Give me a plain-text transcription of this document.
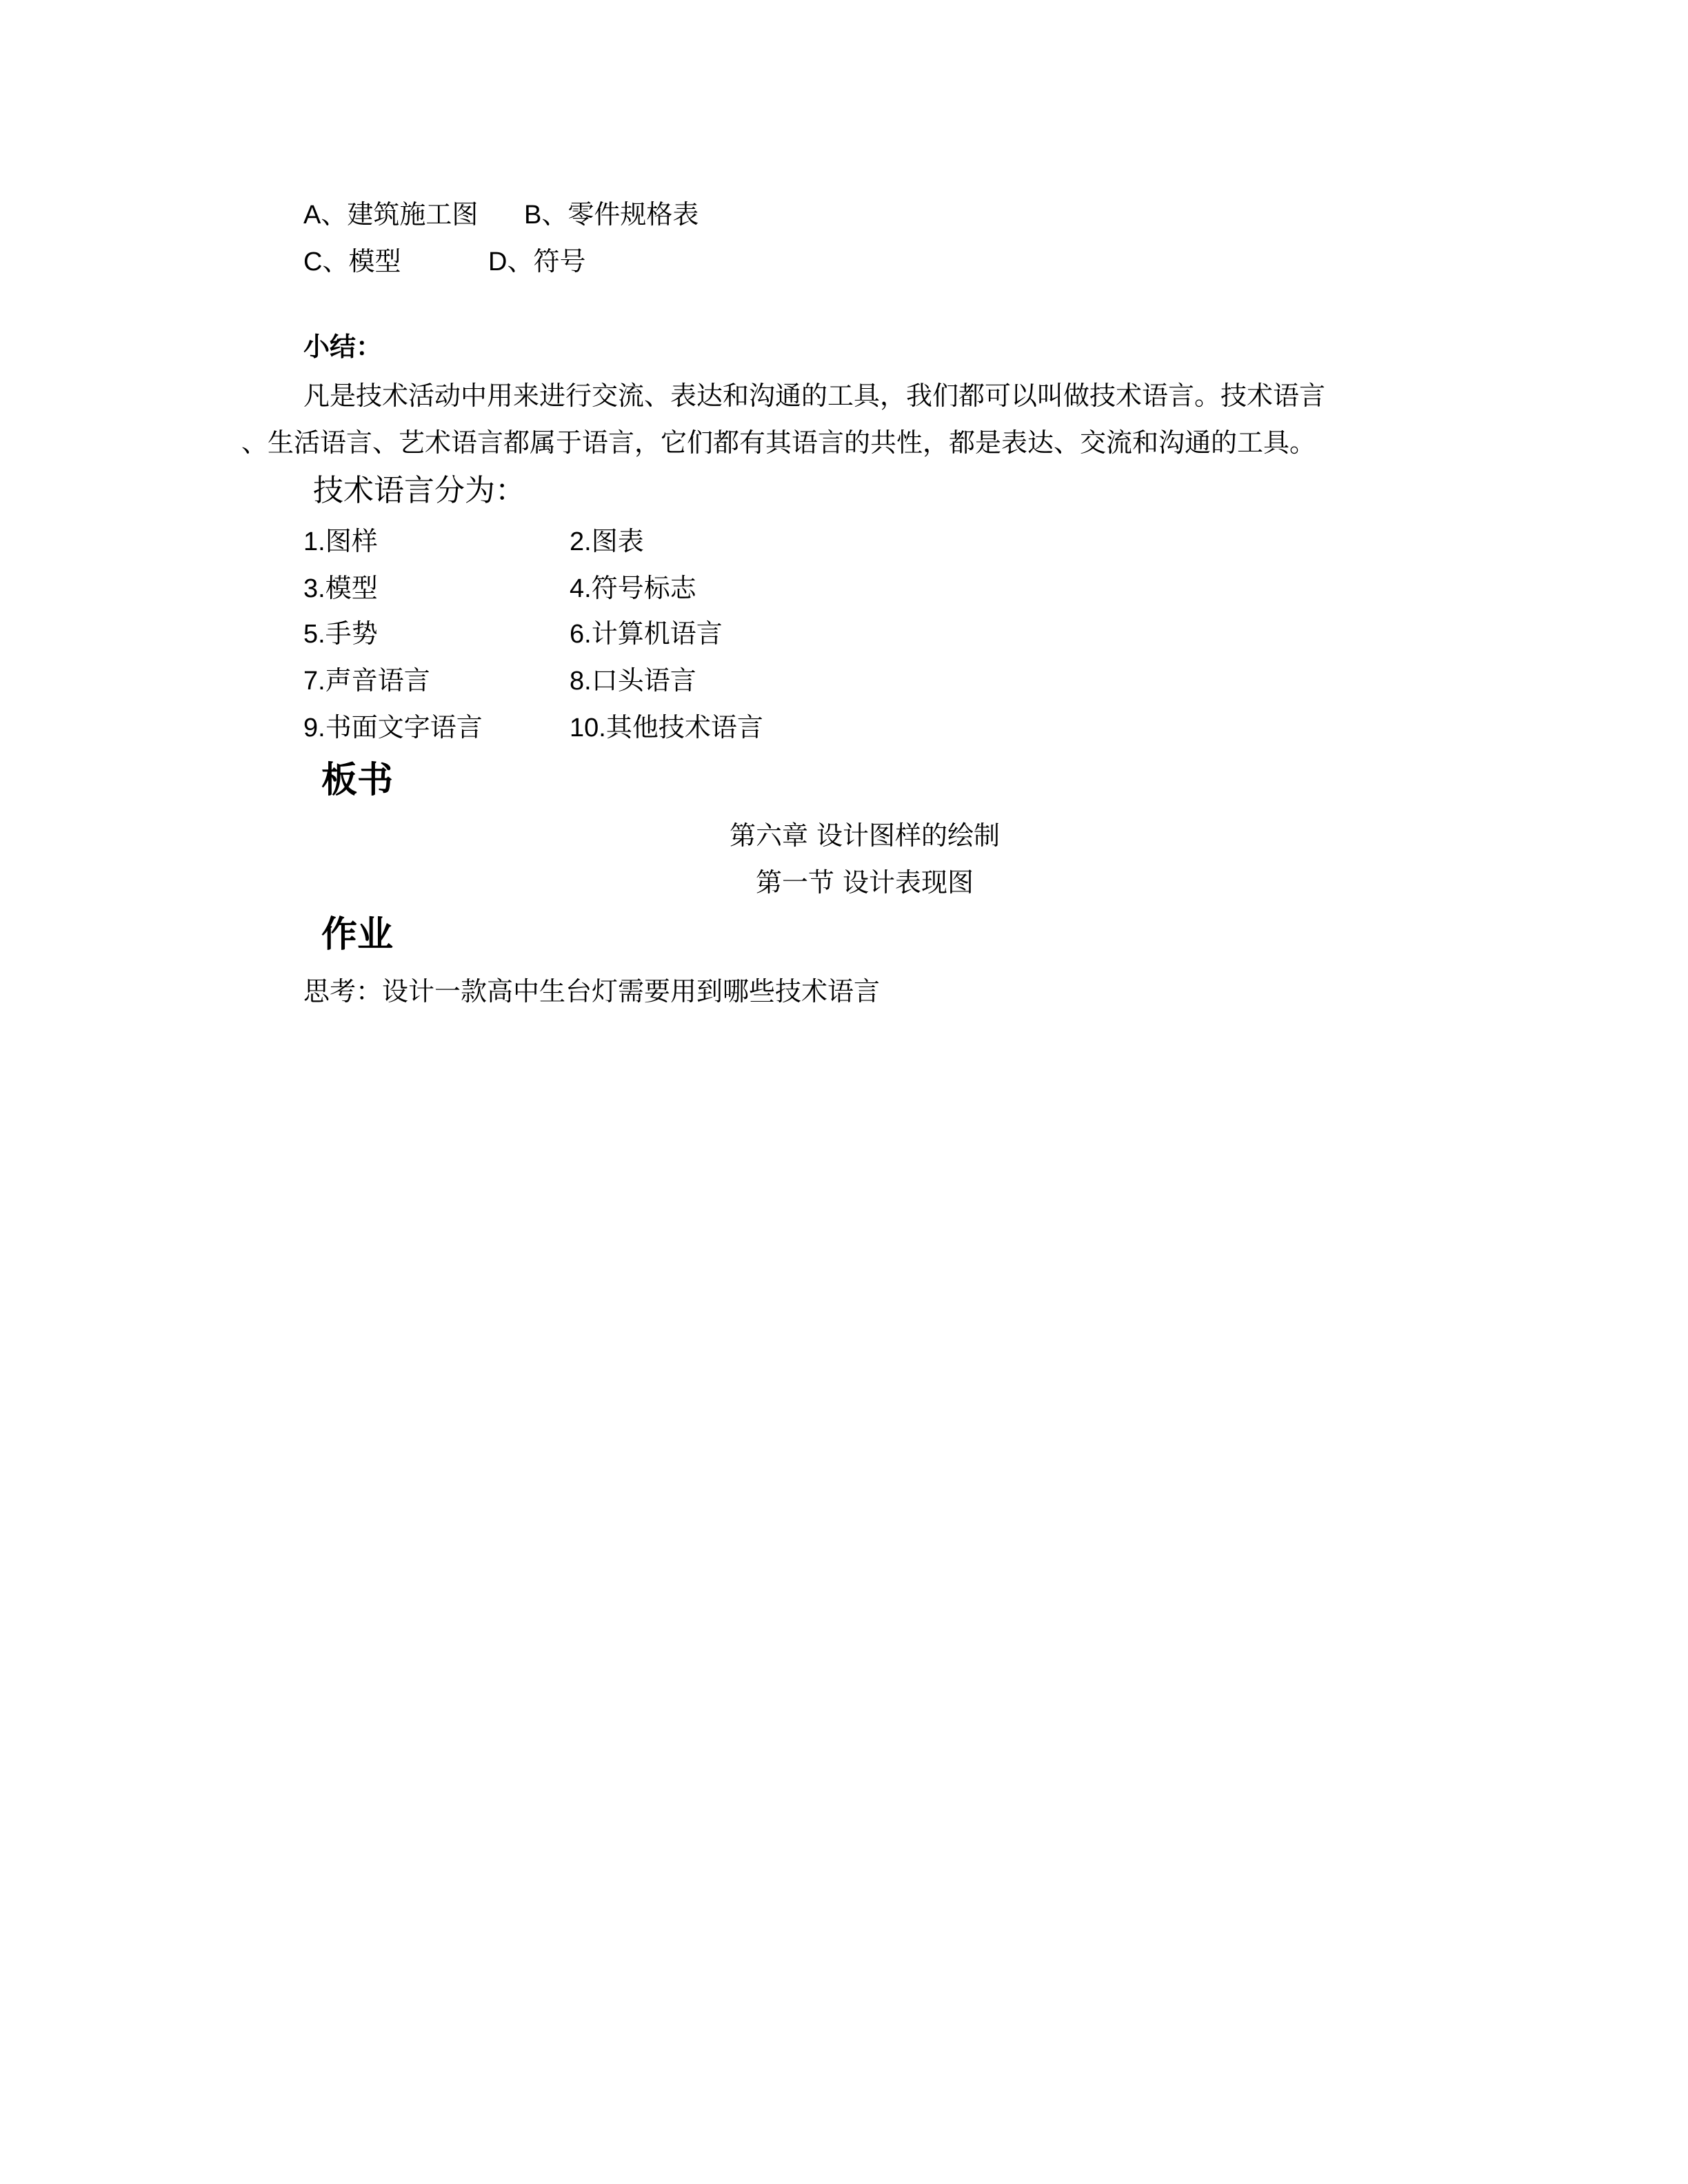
A、建筑施工图 B、零件规格表
C、模型	D、符号
小结：
凡是技术活动中用来进行交流、表达和沟通的工具，我们都可以叫做技术语言。技术语言
、生活语言、艺术语言都属于语言，它们都有其语言的共性，都是表达、交流和沟通的工具。
技术语言分为：
1.图样	2.图表
3.模型	4.符号标志
5.手势	6.计算机语言
7.声音语言	8.口头语言
9.书面文字语言	10.其他技术语言
板书
第六章 设计图样的绘制
第一节 设计表现图
作业
思考：设计一款高中生台灯需要用到哪些技术语言
